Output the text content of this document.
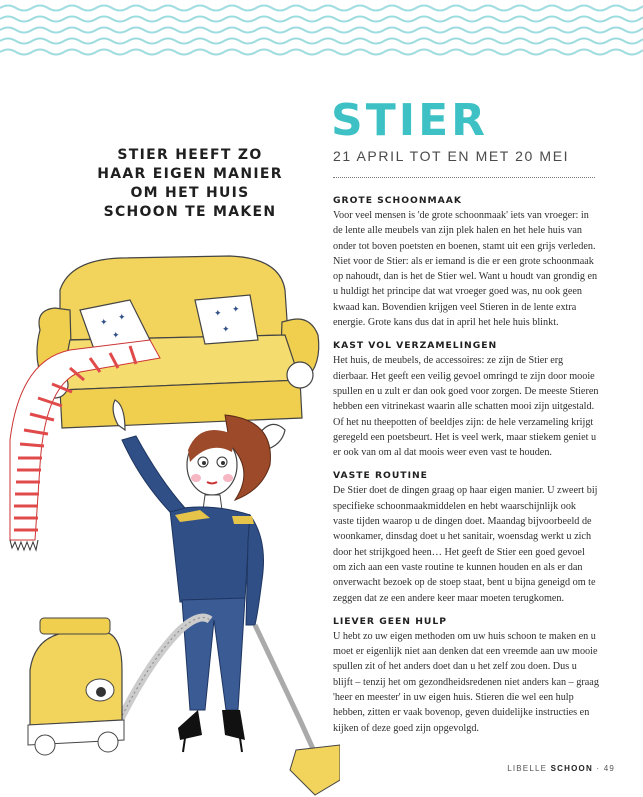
STIER HEEFT ZO
HAAR EIGEN MANIER
OM HET HUIS
SCHOON TE MAKEN
STIER

21 APRIL TOT EN MET 20 MEI

GROTE SCHOONMAAK

Voor veel mensen is 'de grote schoonmaak' iets van vroeger: in de lente alle meubels van zijn plek halen en het hele huis van onder tot boven poetsten en boenen, stamt uit een grijs verleden. Niet voor de Stier: als er iemand is die er een grote schoonmaak op nahoudt, dan is het de Stier wel. Want u houdt van grondig en u huldigt het principe dat wat vroeger goed was, nu ook geen kwaad kan. Bovendien krijgen veel Stieren in de lente extra energie. Grote kans dus dat in april het hele huis blinkt.

KAST VOL VERZAMELINGEN

Het huis, de meubels, de accessoires: ze zijn de Stier erg dierbaar. Het geeft een veilig gevoel omringd te zijn door mooie spullen en u zult er dan ook goed voor zorgen. De meeste Stieren hebben een vitrinekast waarin alle schatten mooi zijn uitgestald. Of het nu theepotten of beeldjes zijn: de hele verzameling krijgt geregeld een poetsbeurt. Het is veel werk, maar stiekem geniet u er ook van om al dat moois weer even vast te houden.

VASTE ROUTINE

De Stier doet de dingen graag op haar eigen manier. U zweert bij specifieke schoonmaakmiddelen en hebt waarschijnlijk ook vaste tijden waarop u de dingen doet. Maandag bijvoorbeeld de woonkamer, dinsdag doet u het sanitair, woensdag werkt u zich door het strijkgoed heen… Het geeft de Stier een goed gevoel om zich aan een vaste routine te kunnen houden en als er dan onverwacht bezoek op de stoep staat, bent u bijna geneigd om te zeggen dat ze een andere keer maar moeten terugkomen.

LIEVER GEEN HULP

U hebt zo uw eigen methoden om uw huis schoon te maken en u moet er eigenlijk niet aan denken dat een vreemde aan uw mooie spullen zit of het anders doet dan u het zelf zou doen. Dus u blijft – tenzij het om gezondheidsredenen niet anders kan – graag 'heer en meester' in uw eigen huis. Stieren die wel een hulp hebben, zitten er vaak bovenop, geven duidelijke instructies en kijken of deze goed zijn opgevolgd.

✦ ✦
✦
✦ ✦
✦
LIBELLE SCHOON · 49
